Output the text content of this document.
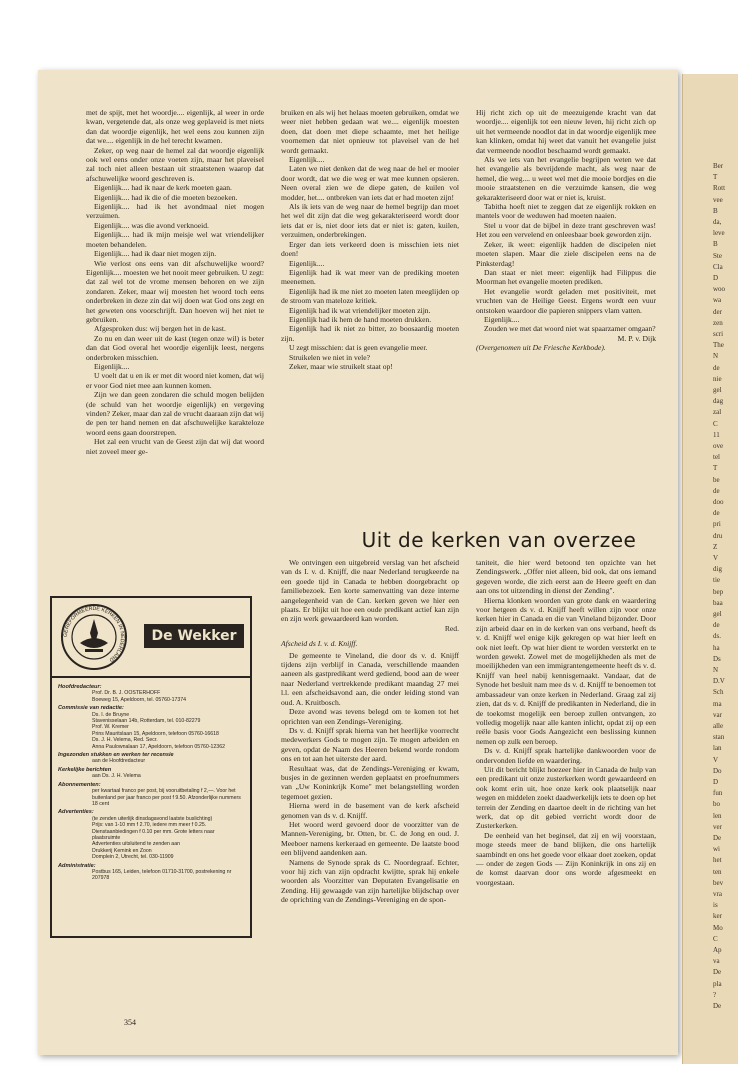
met de spijt, met het woordje.... eigenlijk, al weer in orde kwan, vergetende dat, als onze weg geplaveid is met niets dan dat woordje eigenlijk, het wel eens zou kunnen zijn dat we.... eigenlijk in de hel terecht kwamen.

Zeker, op weg naar de hemel zal dat woordje eigenlijk ook wel eens onder onze voeten zijn, maar het plaveisel zal toch niet alleen bestaan uit straatstenen waarop dat afschuwelijke woord geschreven is.

Eigenlijk.... had ik naar de kerk moeten gaan.

Eigenlijk.... had ik die of die moeten bezoeken.

Eigenlijk.... had ik het avondmaal niet mogen verzuimen.

Eigenlijk.... was die avond verknoeid.

Eigenlijk.... had ik mijn meisje wel wat vriendelijker moeten behandelen.

Eigenlijk.... had ik daar niet mogen zijn.

Wie verlost ons eens van dit afschuwelijke woord? Eigenlijk.... moesten we het nooit meer gebruiken. U zegt: dat zal wel tot de vrome mensen behoren en we zijn zondaren. Zeker, maar wij moesten het woord toch eens onderbreken in deze zin dat wij doen wat God ons zegt en het geweten ons voorschrijft. Dan hoeven wij het niet te gebruiken.

Afgesproken dus: wij bergen het in de kast.

Zo nu en dan weer uit de kast (tegen onze wil) is beter dan dat God overal het woordje eigenlijk leest, nergens onderbroken misschien.

Eigenlijk....

U voelt dat u en ik er met dit woord niet komen, dat wij er voor God niet mee aan kunnen komen.

Zijn we dan geen zondaren die schuld mogen belijden (de schuld van het woordje eigenlijk) en vergeving vinden? Zeker, maar dan zal de vrucht daaraan zijn dat wij de pen ter hand nemen en dat afschuwelijke karakteloze woord eens gaan doorstrepen.

Het zal een vrucht van de Geest zijn dat wij dat woord niet zoveel meer ge-

bruiken en als wij het helaas moeten gebruiken, omdat we weer niet hebben gedaan wat we.... eigenlijk moesten doen, dat doen met diepe schaamte, met het heilige voornemen dat niet opnieuw tot plaveisel van de hel wordt gemaakt.

Eigenlijk....

Laten we niet denken dat de weg naar de hel er mooier door wordt, dat we die weg er wat mee kunnen opsieren. Neen overal zien we de diepe gaten, de kuilen vol modder, het.... ontbreken van iets dat er had moeten zijn!

Als ik iets van de weg naar de hemel begrijp dan moet het wel dit zijn dat die weg gekarakteriseerd wordt door iets dat er is, niet door iets dat er niet is: gaten, kuilen, verzuimen, onderbrekingen.

Erger dan iets verkeerd doen is misschien iets niet doen!

Eigenlijk....

Eigenlijk had ik wat meer van de prediking moeten meenemen.

Eigenlijk had ik me niet zo moeten laten meeglijden op de stroom van mateloze kritiek.

Eigenlijk had ik wat vriendelijker moeten zijn.

Eigenlijk had ik hem de hand moeten drukken.

Eigenlijk had ik niet zo bitter, zo boosaardig moeten zijn.

U zegt misschien: dat is geen evangelie meer.

Struikelen we niet in vele?

Zeker, maar wie struikelt staat op!

Hij richt zich op uit de meezuigende kracht van dat woordje.... eigenlijk tot een nieuw leven, hij richt zich op uit het vermeende noodlot dat in dat woordje eigenlijk mee kan klinken, omdat hij weet dat vanuit het evangelie juist dat vermeende noodlot beschaamd wordt gemaakt.

Als we iets van het evangelie begrijpen weten we dat het evangelie als bevrijdende macht, als weg naar de hemel, die weg.... u weet wel met die mooie bordjes en die mooie straatstenen en die verzuimde kansen, die weg gekarakteriseerd door wat er niet is, kruist.

Tabitha hoeft niet te zeggen dat ze eigenlijk rokken en mantels voor de weduwen had moeten naaien.

Stel u voor dat de bijbel in deze trant geschreven was! Het zou een vervelend en onleesbaar boek geworden zijn.

Zeker, ik weet: eigenlijk hadden de discipelen niet moeten slapen. Maar die ziele discipelen eens na de Pinksterdag!

Dan staat er niet meer: eigenlijk had Filippus die Moorman het evangelie moeten prediken.

Het evangelie wordt geladen met positiviteit, met vruchten van de Heilige Geest. Ergens wordt een vuur ontstoken waardoor die papieren snippers vlam vatten.

Eigenlijk....

Zouden we met dat woord niet wat spaarzamer omgaan?

M. P. v. Dijk

(Overgenomen uit De Friesche Kerkbode).

Uit de kerken van overzee

We ontvingen een uitgebreid verslag van het afscheid van ds I. v. d. Knijff, die naar Nederland terugkeerde na een goede tijd in Canada te hebben doorgebracht op familiebezoek. Een korte samenvatting van deze interne aangelegenheid van de Can. kerken geven we hier een plaats. Er blijkt uit hoe een oude predikant actief kan zijn en zijn werk gewaardeerd kan worden.

Red.

Afscheid ds I. v. d. Knijff.

De gemeente te Vineland, die door ds v. d. Knijff tijdens zijn verblijf in Canada, verschillende maanden aaneen als gastpredikant werd gediend, bood aan de weer naar Nederland vertrekkende predikant maandag 27 mei l.l. een afscheidsavond aan, die onder leiding stond van oud. A. Kruitbosch.

Deze avond was tevens belegd om te komen tot het oprichten van een Zendings-Vereniging.

Ds v. d. Knijff sprak hierna van het heerlijke voorrecht medewerkers Gods te mogen zijn. Te mogen arbeiden en geven, opdat de Naam des Heeren bekend worde rondom ons en tot aan het uiterste der aard.

Resultaat was, dat de Zendings-Vereniging er kwam, busjes in de gezinnen werden geplaatst en proefnummers van „Uw Koninkrijk Kome" met belangstelling worden tegemoet gezien.

Hierna werd in de basement van de kerk afscheid genomen van ds v. d. Knijff.

Het woord werd gevoerd door de voorzitter van de Mannen-Vereniging, br. Otten, br. C. de Jong en oud. J. Meeboer namens kerkeraad en gemeente. De laatste bood een blijvend aandenken aan.

Namens de Synode sprak ds C. Noordegraaf. Echter, voor hij zich van zijn opdracht kwijtte, sprak hij enkele woorden als Voorzitter van Deputaten Evangelisatie en Zending. Hij gewaagde van zijn hartelijke blijdschap over de oprichting van de Zendings-Vereniging en de spon-

taniteit, die hier werd betoond ten opzichte van het Zendingswerk. „Offer niet alleen, bid ook, dat ons iemand gegeven worde, die zich eerst aan de Heere geeft en dan aan ons tot uitzending in dienst der Zending".

Hierna klonken woorden van grote dank en waardering voor hetgeen ds v. d. Knijff heeft willen zijn voor onze kerken hier in Canada en die van Vineland bijzonder. Door zijn arbeid daar en in de kerken van ons verband, heeft ds v. d. Knijff wel enige kijk gekregen op wat hier leeft en ook niet leeft. Op wat hier dient te worden versterkt en te worden gewekt. Zowel met de mogelijkheden als met de moeilijkheden van een immigrantengemeente heeft ds v. d. Knijff van heel nabij kennisgemaakt. Vandaar, dat de Synode het besluit nam mee ds v. d. Knijff te benoemen tot ambassadeur van onze kerken in Nederland. Graag zal zij zien, dat ds v. d. Knijff de predikanten in Nederland, die in de toekomst mogelijk een beroep zullen ontvangen, zo volledig mogelijk naar alle kanten inlicht, opdat zij op een reële basis voor Gods Aangezicht een beslissing kunnen nemen op zulk een beroep.

Ds v. d. Knijff sprak hartelijke dankwoorden voor de ondervonden liefde en waardering.

Uit dit bericht blijkt hoezeer hier in Canada de hulp van een predikant uit onze zusterkerken wordt gewaardeerd en ook komt erin uit, hoe onze kerk ook plaatselijk naar wegen en middelen zoekt daadwerkelijk iets te doen op het terrein der Zending en daartoe deelt in de richting van het werk, dat op dit gebied verricht wordt door de Zusterkerken.

De eenheid van het beginsel, dat zij en wij voorstaan, moge steeds meer de band blijken, die ons hartelijk saambindt en ons het goede voor elkaar doet zoeken, opdat — onder de zegen Gods — Zijn Koninkrijk in ons zij en de komst daarvan door ons worde afgesmeekt en voorgestaan.

354
GEREFORMEERDE KERKEN IN NEDERLAND
De Wekker
Hoofdredacteur:
Prof. Dr. B. J. OOSTERHOFF
Boeweg 15, Apeldoorn, tel. 05760-17374
Commissie van redactie:
Ds. I. de Bruyne
Stavenisselaan 14b, Rotterdam, tel. 010-82279
Prof. W. Kremer
Prins Mauritslaan 15, Apeldoorn, telefoon 05760-16618
Ds. J. H. Velema, Red. Secr.
Anna Paulownalaan 17, Apeldoorn, telefoon 05760-12362
Ingezonden stukken en werken ter recensie
aan de Hoofdredacteur
Kerkelijke berichten
aan Ds. J. H. Velema
Abonnementen:
per kwartaal franco per post, bij vooruitbetaling f 2,—. Voor het buitenland per jaar franco per post f 9.50. Afzonderlijke nummers 18 cent
Advertenties:
(te zenden uiterlijk dinsdagavond laatste buslichting)
Prijs: van 1-10 mm f 2.70, iedere mm meer f 0.25. Dienstaanbiedingen f 0.10 per mm. Grote letters naar plaatsruimte
Advertenties uitsluitend te zenden aan
Drukkerij Kemink en Zoon
Domplein 2, Utrecht, tel. 030-11909
Administratie:
Postbus 165, Leiden, telefoon 01710-31700, postrekening nr 207978
Ber
T
Rott
vee
B
da,
leve
B
Ste
Cla
D
woo
wa
der
zen
scri
The
N
de
nie
gel
dag
zal
C
11
ove
tel
T
be
de
doo
de
pri
dru
Z
V
dig
tie
bep
baa
gel
de
ds.
ha
Ds
N
D.V
Sch
ma
var
alle
stan
lan
V
Do
D
fun
bo
len
ver
De
wi
het
ten
bev
vra
is
ker
Mo
C
Ap
va
De
pla
?
De
